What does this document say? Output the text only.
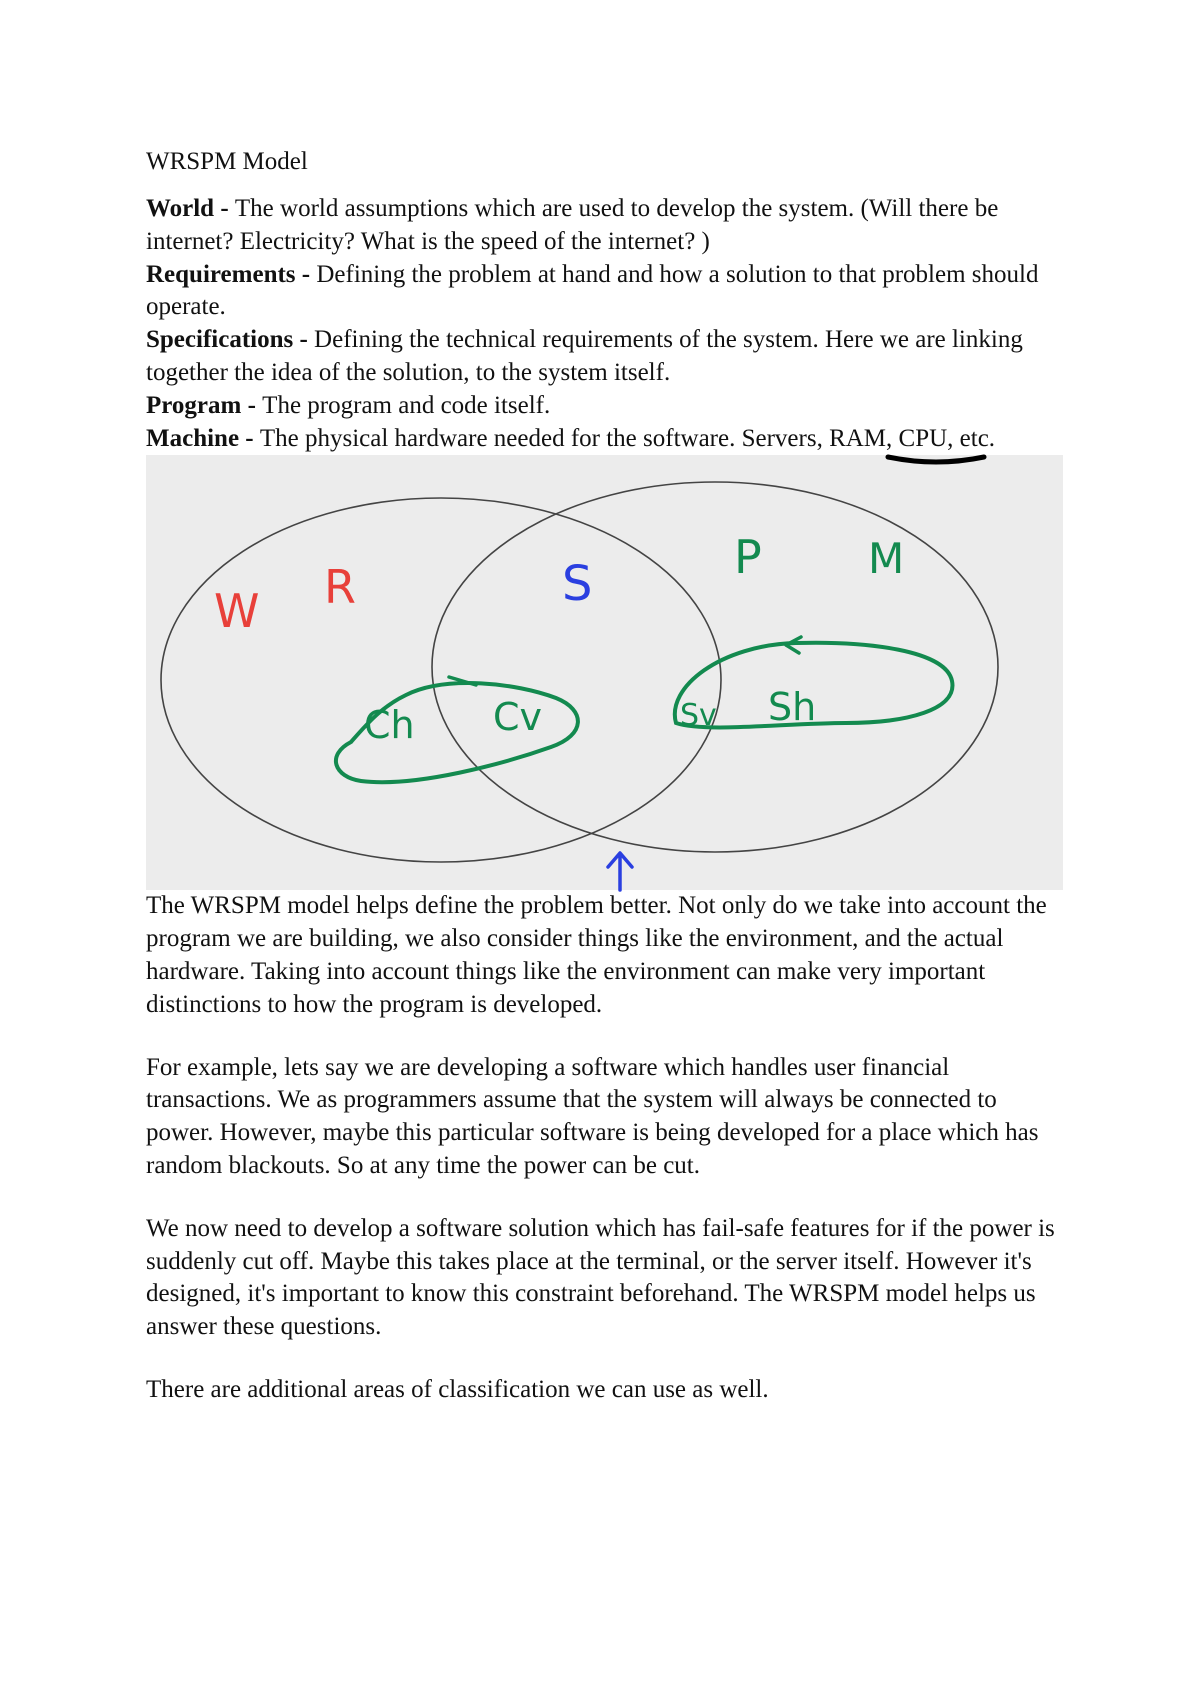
WRSPM Model

World - The world assumptions which are used to develop the system. (Will there be internet? Electricity? What is the speed of the internet? )

Requirements - Defining the problem at hand and how a solution to that problem should operate.

Specifications - Defining the technical requirements of the system. Here we are linking together the idea of the solution, to the system itself.

Program - The program and code itself.

Machine - The physical hardware needed for the software. Servers, RAM, CPU, etc.

W R	S	P	M
Ch Cv	Sv Sh

The WRSPM model helps define the problem better. Not only do we take into account the program we are building, we also consider things like the environment, and the actual hardware. Taking into account things like the environment can make very important distinctions to how the program is developed.

For example, lets say we are developing a software which handles user financial transactions. We as programmers assume that the system will always be connected to power. However, maybe this particular software is being developed for a place which has random blackouts. So at any time the power can be cut.

We now need to develop a software solution which has fail-safe features for if the power is suddenly cut off. Maybe this takes place at the terminal, or the server itself. However it's designed, it's important to know this constraint beforehand. The WRSPM model helps us answer these questions.

There are additional areas of classification we can use as well.
